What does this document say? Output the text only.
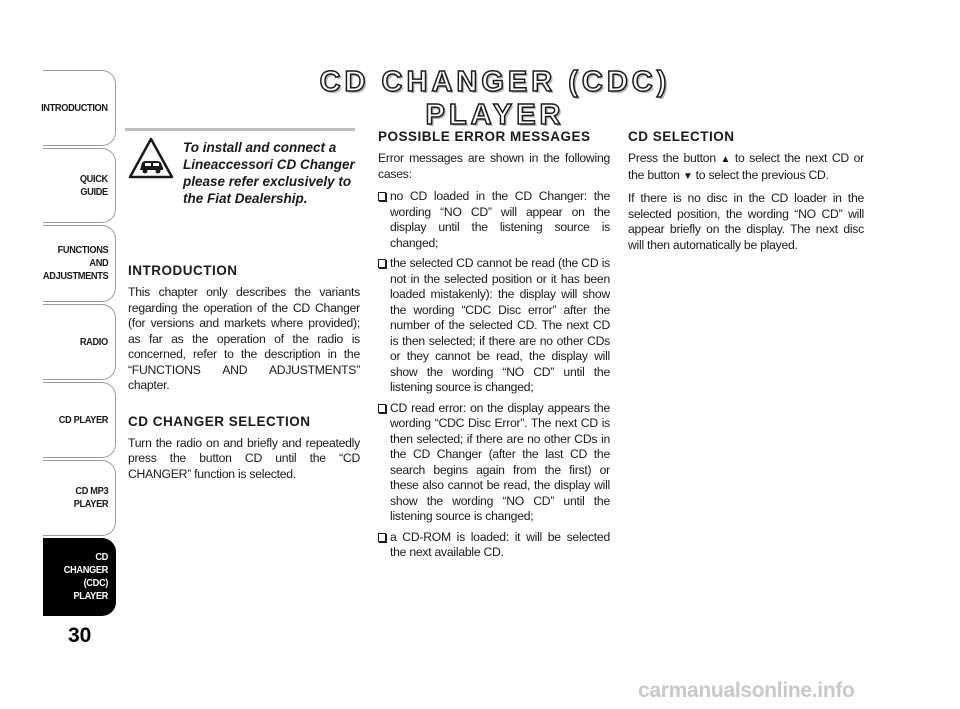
INTRODUCTION
QUICK
GUIDE
FUNCTIONS
AND
ADJUSTMENTS
RADIO
CD PLAYER
CD MP3
PLAYER
CD CHANGER
(CDC) PLAYER
30
CD CHANGER (CDC) PLAYER
To install and connect a Lineaccessori CD Changer please refer exclusively to the Fiat Dealership.
INTRODUCTION

This chapter only describes the variants regarding the operation of the CD Changer (for versions and markets where provided); as far as the operation of the radio is concerned, refer to the description in the “FUNCTIONS AND ADJUSTMENTS” chapter.

CD CHANGER SELECTION

Turn the radio on and briefly and repeatedly press the button CD until the “CD CHANGER” function is selected.

POSSIBLE ERROR MESSAGES

Error messages are shown in the following cases:

no CD loaded in the CD Changer: the wording “NO CD” will appear on the display until the listening source is changed;
the selected CD cannot be read (the CD is not in the selected position or it has been loaded mistakenly): the display will show the wording “CDC Disc error” after the number of the selected CD. The next CD is then selected; if there are no other CDs or they cannot be read, the display will show the wording “NO CD” until the listening source is changed;
CD read error: on the display appears the wording “CDC Disc Error”. The next CD is then selected; if there are no other CDs in the CD Changer (after the last CD the search begins again from the first) or these also cannot be read, the display will show the wording “NO CD” until the listening source is changed;
a CD-ROM is loaded: it will be selected the next available CD.
CD SELECTION

Press the button ▲ to select the next CD or the button ▼ to select the previous CD.

If there is no disc in the CD loader in the selected position, the wording “NO CD” will appear briefly on the display. The next disc will then automatically be played.

carmanualsonline.info
